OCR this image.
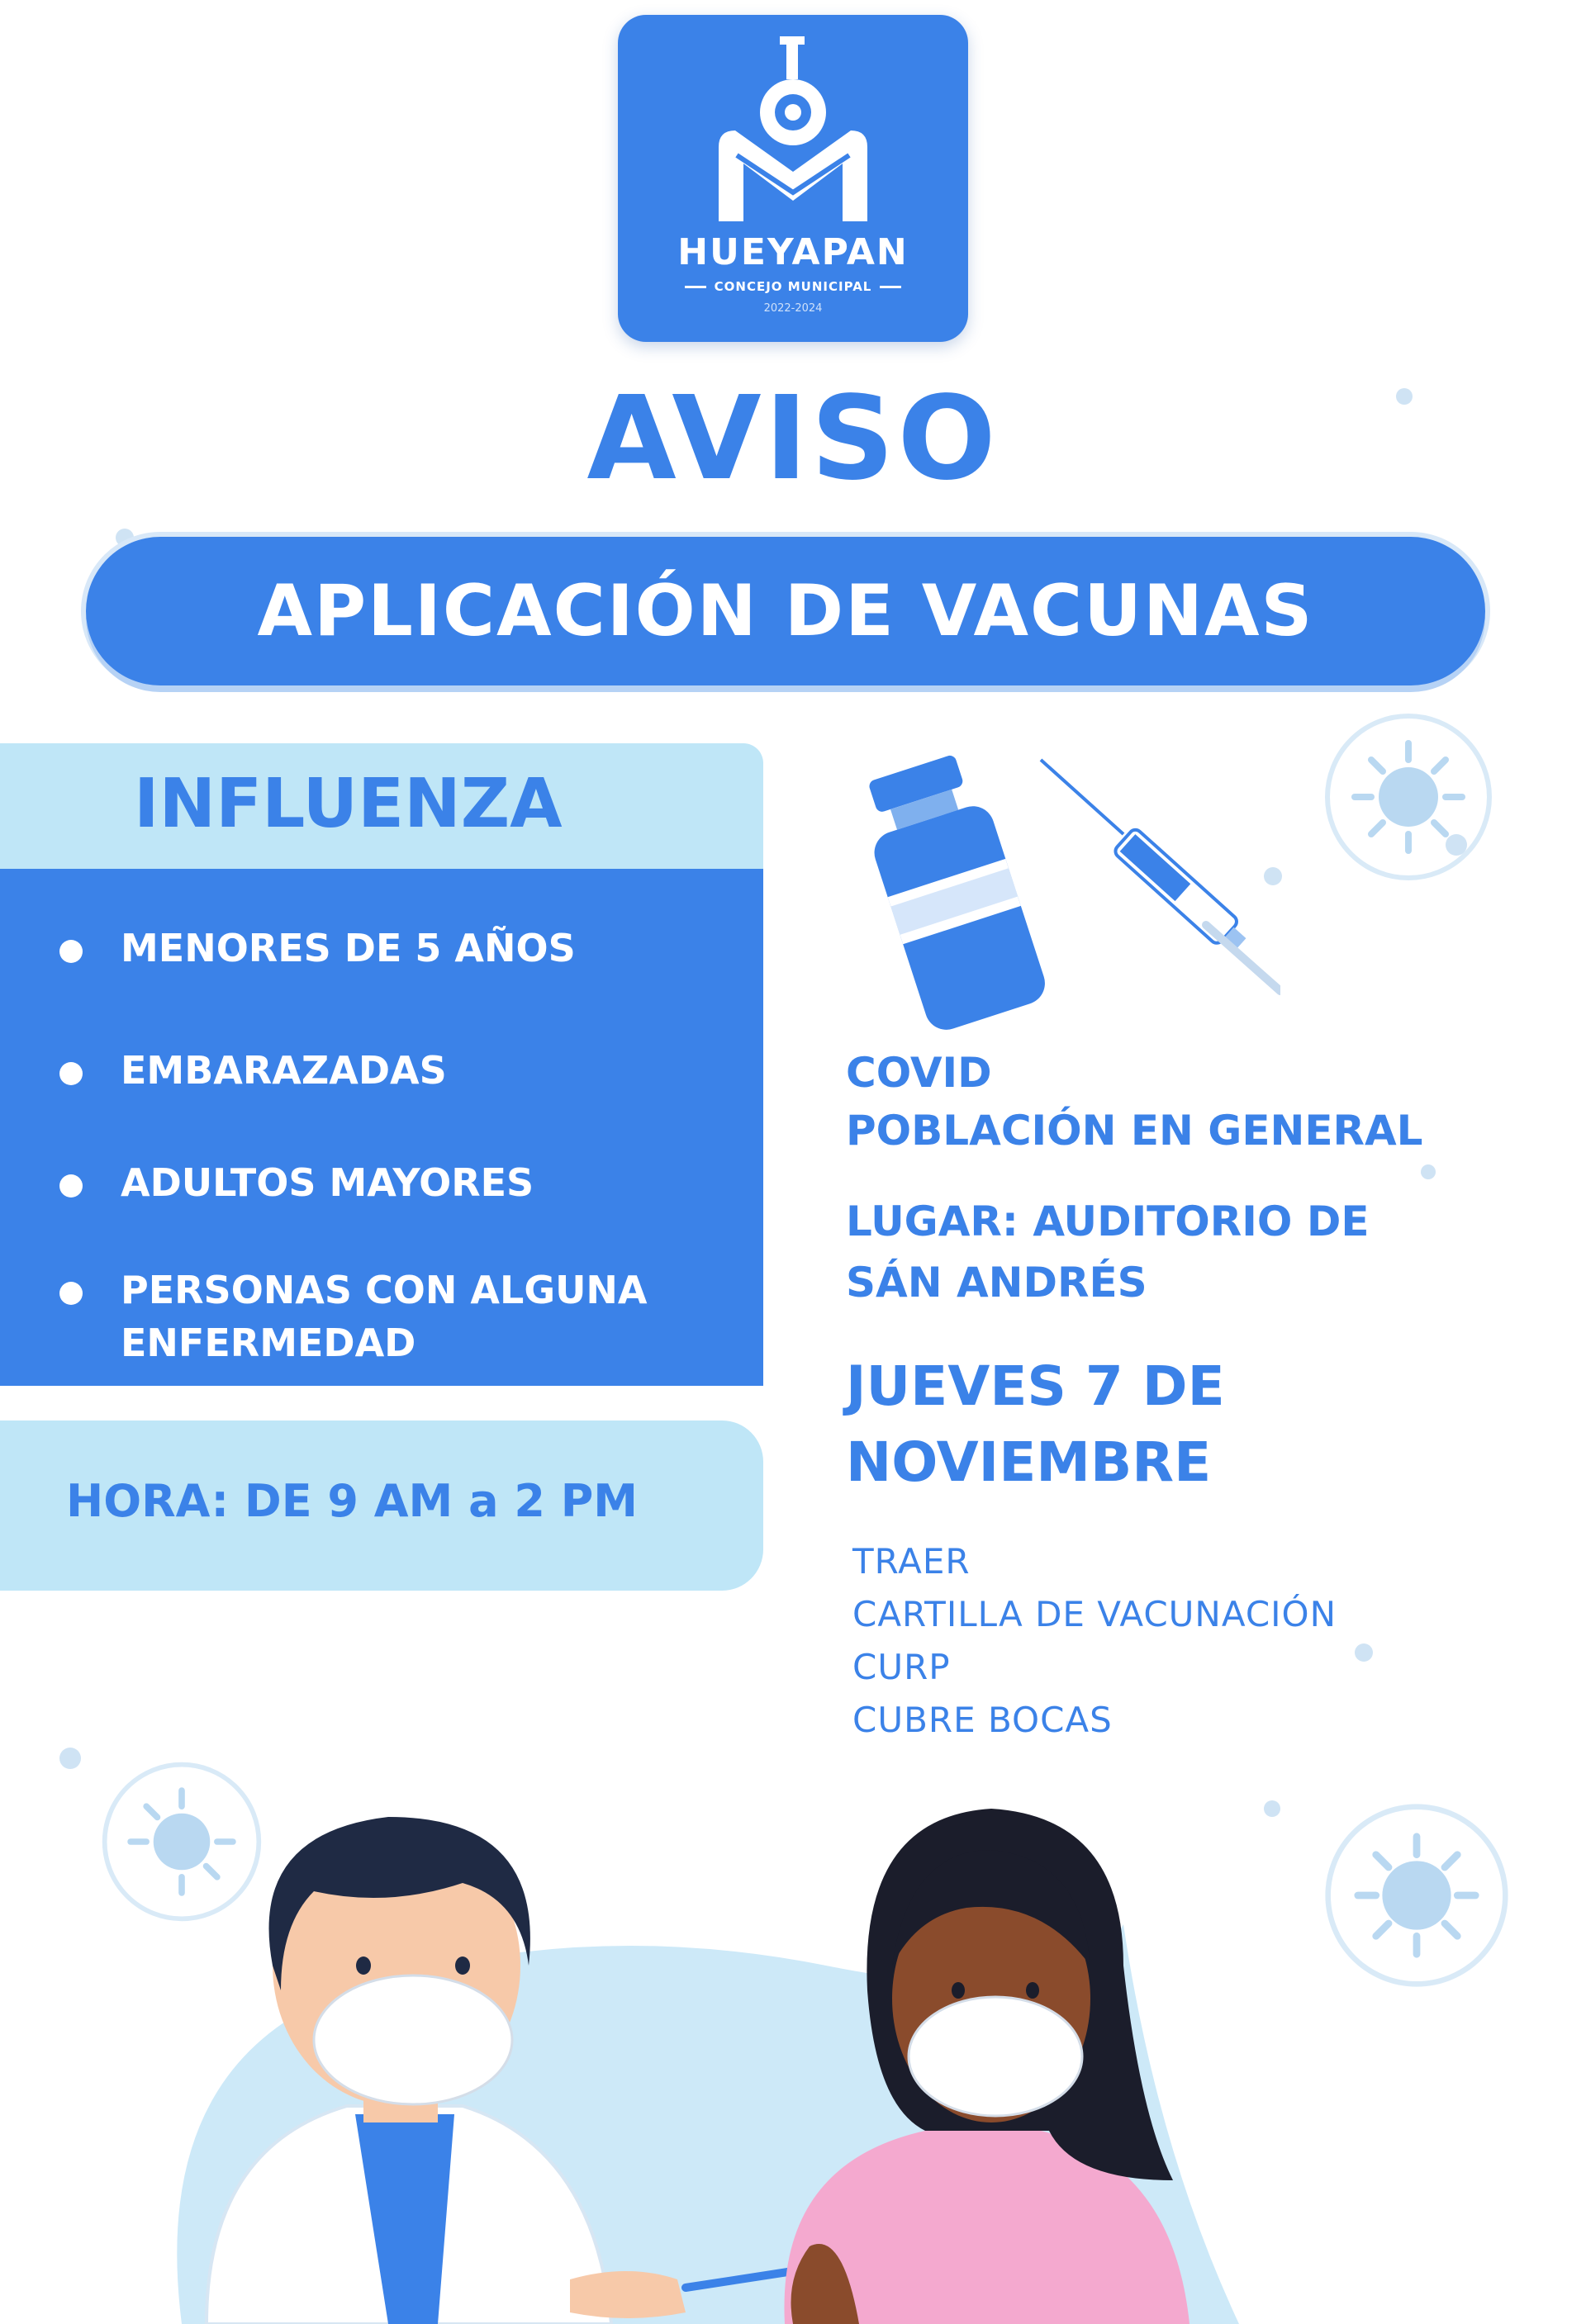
HUEYAPAN
CONCEJO MUNICIPAL
2022-2024
AVISO
APLICACIÓN DE VACUNAS
INFLUENZA
MENORES DE 5 AÑOS
EMBARAZADAS
ADULTOS MAYORES
PERSONAS CON ALGUNA ENFERMEDAD
HORA: DE 9 AM a 2 PM
COVID
POBLACIÓN EN GENERAL
LUGAR: AUDITORIO DE
SÁN ANDRÉS
JUEVES 7 DE
NOVIEMBRE
TRAER
CARTILLA DE VACUNACIÓN
CURP
CUBRE BOCAS
